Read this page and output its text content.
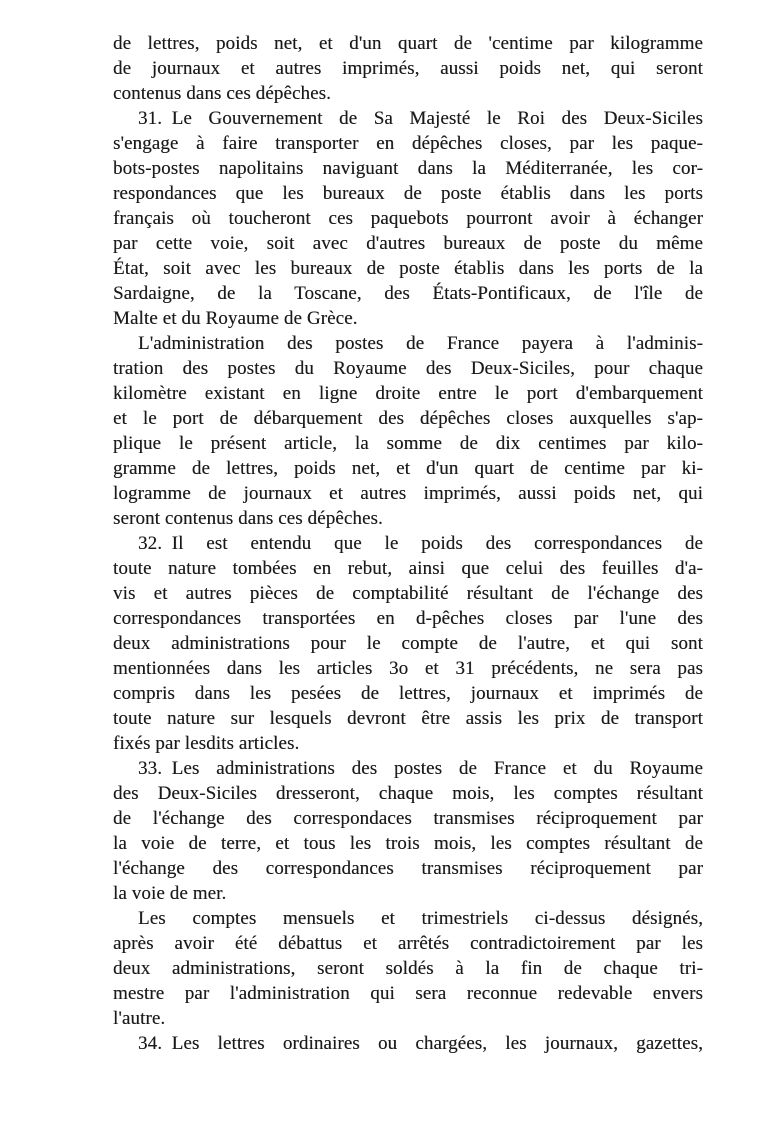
de lettres, poids net, et d'un quart de 'centime par kilogramme
de journaux et autres imprimés, aussi poids net, qui seront
contenus dans ces dépêches.
31. Le Gouvernement de Sa Majesté le Roi des Deux-Siciles
s'engage à faire transporter en dépêches closes, par les paque-
bots-postes napolitains naviguant dans la Méditerranée, les cor-
respondances que les bureaux de poste établis dans les ports
français où toucheront ces paquebots pourront avoir à échanger
par cette voie, soit avec d'autres bureaux de poste du même
État, soit avec les bureaux de poste établis dans les ports de la
Sardaigne, de la Toscane, des États-Pontificaux, de l'île de
Malte et du Royaume de Grèce.
L'administration des postes de France payera à l'adminis-
tration des postes du Royaume des Deux-Siciles, pour chaque
kilomètre existant en ligne droite entre le port d'embarquement
et le port de débarquement des dépêches closes auxquelles s'ap-
plique le présent article, la somme de dix centimes par kilo-
gramme de lettres, poids net, et d'un quart de centime par ki-
logramme de journaux et autres imprimés, aussi poids net, qui
seront contenus dans ces dépêches.
32. Il est entendu que le poids des correspondances de
toute nature tombées en rebut, ainsi que celui des feuilles d'a-
vis et autres pièces de comptabilité résultant de l'échange des
correspondances transportées en d-pêches closes par l'une des
deux administrations pour le compte de l'autre, et qui sont
mentionnées dans les articles 3o et 31 précédents, ne sera pas
compris dans les pesées de lettres, journaux et imprimés de
toute nature sur lesquels devront être assis les prix de transport
fixés par lesdits articles.
33. Les administrations des postes de France et du Royaume
des Deux-Siciles dresseront, chaque mois, les comptes résultant
de l'échange des correspondaces transmises réciproquement par
la voie de terre, et tous les trois mois, les comptes résultant de
l'échange des correspondances transmises réciproquement par
la voie de mer.
Les comptes mensuels et trimestriels ci-dessus désignés,
après avoir été débattus et arrêtés contradictoirement par les
deux administrations, seront soldés à la fin de chaque tri-
mestre par l'administration qui sera reconnue redevable envers
l'autre.
34. Les lettres ordinaires ou chargées, les journaux, gazettes,
